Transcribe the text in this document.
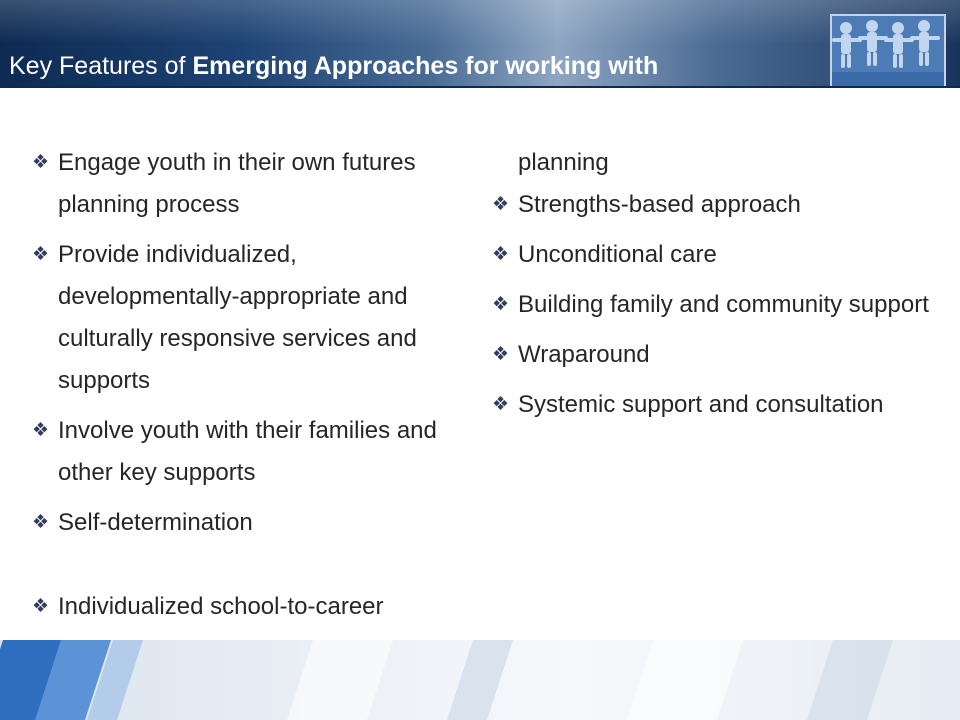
Key Features of Emerging Approaches for working with
❖ Engage youth in their own futures planning process
❖ Provide individualized, developmentally-appropriate and culturally responsive services and supports
❖ Involve youth with their families and other key supports
❖ Self-determination
❖ Individualized school-to-career
planning
❖ Strengths-based approach
❖ Unconditional care
❖ Building family and community support
❖ Wraparound
❖ Systemic support and consultation
